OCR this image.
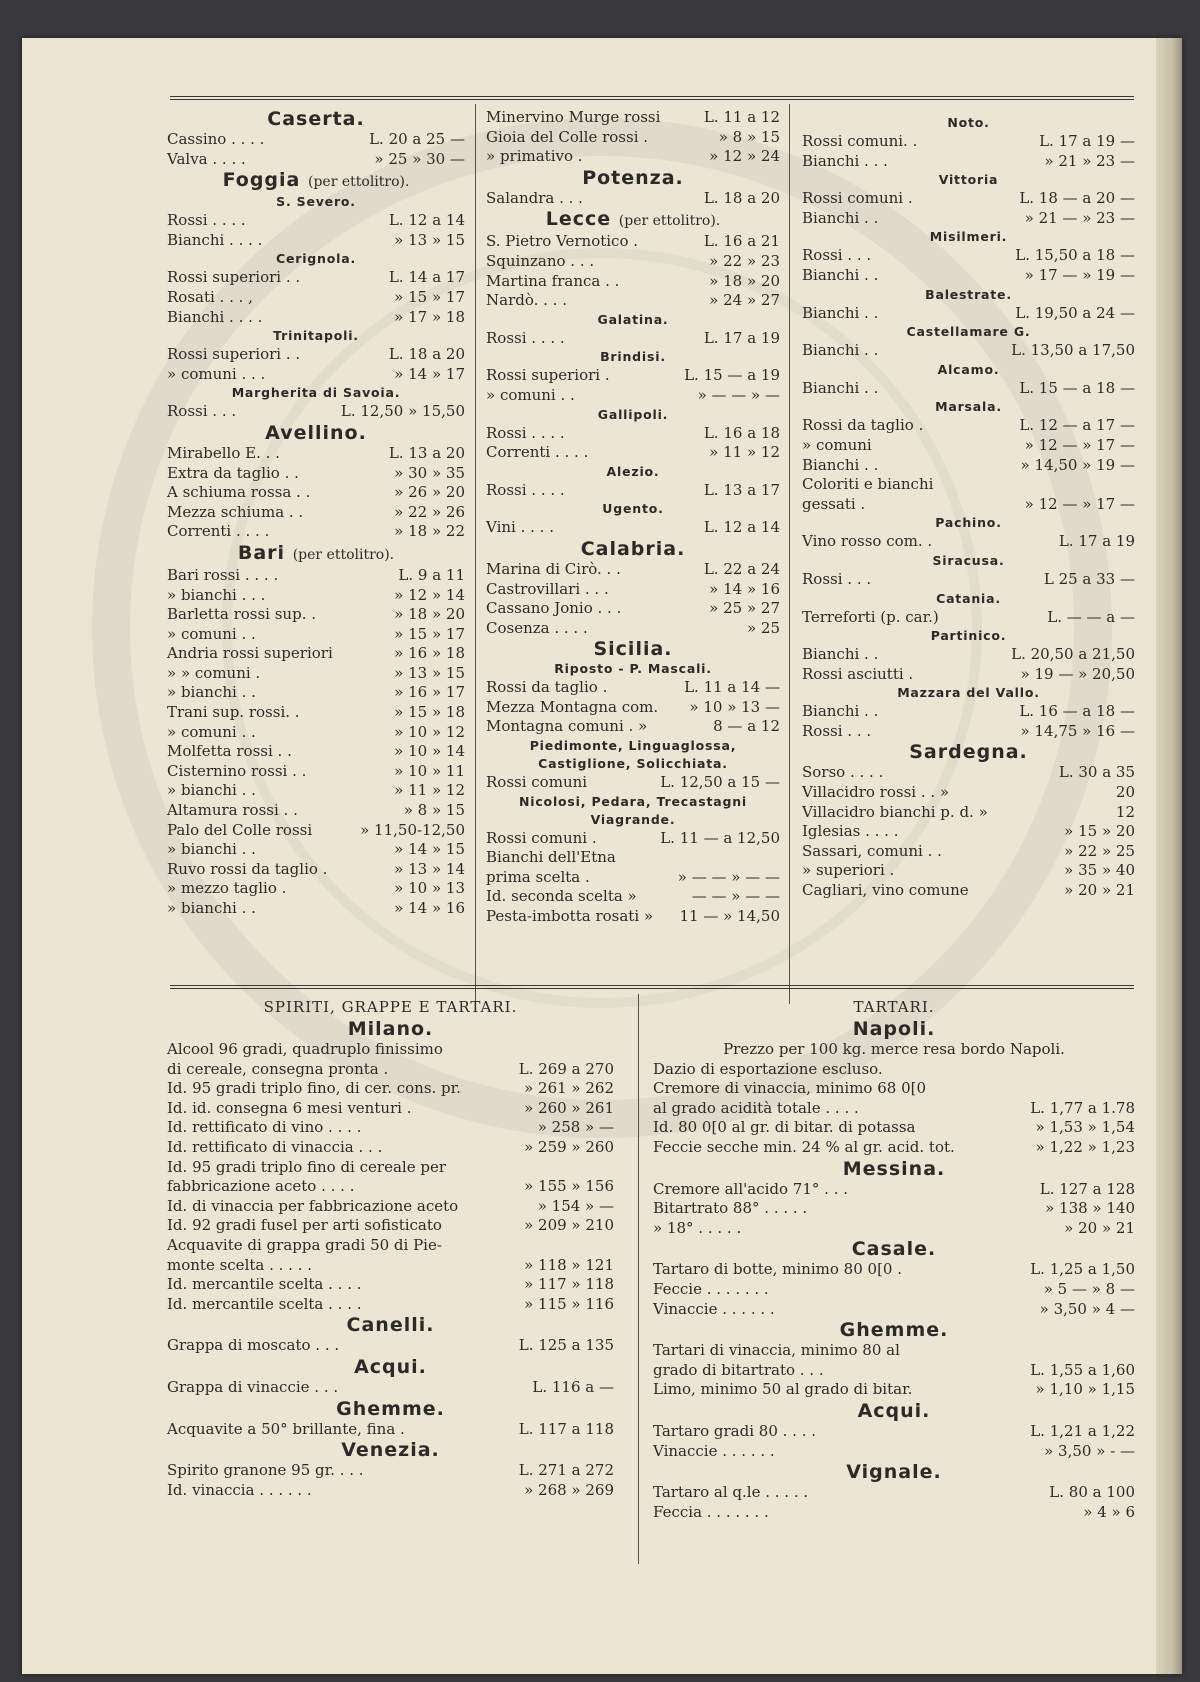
Caserta.
Cassino . . . .	L. 20 a 25 —
Valva . . . .	» 25 » 30 —
Foggia (per ettolitro).
S. Severo.
Rossi . . . .	L. 12 a 14
Bianchi . . . .	» 13 » 15
Cerignola.
Rossi superiori . .	L. 14 a 17
Rosati . . . ,	» 15 » 17
Bianchi . . . .	» 17 » 18
Trinitapoli.
Rossi superiori . .	L. 18 a 20
» comuni . . .	» 14 » 17
Margherita di Savoia.
Rossi . . .	L. 12,50 » 15,50
Avellino.
Mirabello E. . .	L. 13 a 20
Extra da taglio . .	» 30 » 35
A schiuma rossa . .	» 26 » 20
Mezza schiuma . .	» 22 » 26
Correnti . . . .	» 18 » 22
Bari (per ettolitro).
Bari rossi . . . .	L. 9 a 11
» bianchi . . .	» 12 » 14
Barletta rossi sup. .	» 18 » 20
» comuni . .	» 15 » 17
Andria rossi superiori	» 16 » 18
» » comuni .	» 13 » 15
» bianchi . .	» 16 » 17
Trani sup. rossi. .	» 15 » 18
» comuni . .	» 10 » 12
Molfetta rossi . .	» 10 » 14
Cisternino rossi . .	» 10 » 11
» bianchi . .	» 11 » 12
Altamura rossi . .	» 8 » 15
Palo del Colle rossi	» 11,50-12,50
» bianchi . .	» 14 » 15
Ruvo rossi da taglio .	» 13 » 14
» mezzo taglio .	» 10 » 13
» bianchi . .	» 14 » 16
Minervino Murge rossi	L. 11 a 12
Gioia del Colle rossi .	» 8 » 15
» primativo .	» 12 » 24
Potenza.
Salandra . . .	L. 18 a 20
Lecce (per ettolitro).
S. Pietro Vernotico .	L. 16 a 21
Squinzano . . .	» 22 » 23
Martina franca . .	» 18 » 20
Nardò. . . .	» 24 » 27
Galatina.
Rossi . . . .	L. 17 a 19
Brindisi.
Rossi superiori .	L. 15 — a 19
» comuni . .	» — — » —
Gallipoli.
Rossi . . . .	L. 16 a 18
Correnti . . . .	» 11 » 12
Alezio.
Rossi . . . .	L. 13 a 17
Ugento.
Vini . . . .	L. 12 a 14
Calabria.
Marina di Cirò. . .	L. 22 a 24
Castrovillari . . .	» 14 » 16
Cassano Jonio . . .	» 25 » 27
Cosenza . . . .	» 25
Sicilia.
Riposto - P. Mascali.
Rossi da taglio .	L. 11 a 14 —
Mezza Montagna com. » 10 » 13 —
Montagna comuni . »	8 — a 12
Piedimonte, Linguaglossa,
Castiglione, Solicchiata.
Rossi comuni	L. 12,50 a 15 —
Nicolosi, Pedara, Trecastagni
Viagrande.
Rossi comuni .	L. 11 — a 12,50
Bianchi dell'Etna
prima scelta .	» — — » — —
Id. seconda scelta »	— — » — —
Pesta-imbotta rosati » 11 — » 14,50
Noto.
Rossi comuni. .	L. 17 a 19 —
Bianchi . . .	» 21 » 23 —
Vittoria
Rossi comuni .	L. 18 — a 20 —
Bianchi . .	» 21 — » 23 —
Misilmeri.
Rossi . . .	L. 15,50 a 18 —
Bianchi . .	» 17 — » 19 —
Balestrate.
Bianchi . .	L. 19,50 a 24 —
Castellamare G.
Bianchi . .	L. 13,50 a 17,50
Alcamo.
Bianchi . .	L. 15 — a 18 —
Marsala.
Rossi da taglio .	L. 12 — a 17 —
» comuni	» 12 — » 17 —
Bianchi . .	» 14,50 » 19 —
Coloriti e bianchi
gessati .	» 12 — » 17 —
Pachino.
Vino rosso com. .	L. 17 a 19
Siracusa.
Rossi . . .	L 25 a 33 —
Catania.
Terreforti (p. car.)	L. — — a —
Partinico.
Bianchi . .	L. 20,50 a 21,50
Rossi asciutti .	» 19 — » 20,50
Mazzara del Vallo.
Bianchi . .	L. 16 — a 18 —
Rossi . . .	» 14,75 » 16 —
Sardegna.
Sorso . . . .	L. 30 a 35
Villacidro rossi . . »	20
Villacidro bianchi p. d. »	12
Iglesias . . . .	» 15 » 20
Sassari, comuni . .	» 22 » 25
» superiori .	» 35 » 40
Cagliari, vino comune	» 20 » 21
SPIRITI, GRAPPE E TARTARI.
Milano.
Alcool 96 gradi, quadruplo finissimo
di cereale, consegna pronta .	L. 269 a 270
Id. 95 gradi triplo fino, di cer. cons. pr.	» 261 » 262
Id. id. consegna 6 mesi venturi .	» 260 » 261
Id. rettificato di vino . . . .	» 258 » —
Id. rettificato di vinaccia . . .	» 259 » 260
Id. 95 gradi triplo fino di cereale per
fabbricazione aceto . . . .	» 155 » 156
Id. di vinaccia per fabbricazione aceto	» 154 » —
Id. 92 gradi fusel per arti sofisticato	» 209 » 210
Acquavite di grappa gradi 50 di Pie-
monte scelta . . . . .	» 118 » 121
Id. mercantile scelta . . . .	» 117 » 118
Id. mercantile scelta . . . .	» 115 » 116
Canelli.
Grappa di moscato . . .	L. 125 a 135
Acqui.
Grappa di vinaccie . . .	L. 116 a —
Ghemme.
Acquavite a 50° brillante, fina .	L. 117 a 118
Venezia.
Spirito granone 95 gr. . . .	L. 271 a 272
Id. vinaccia . . . . . .	» 268 » 269
TARTARI.
Napoli.
Prezzo per 100 kg. merce resa bordo Napoli.
Dazio di esportazione escluso.
Cremore di vinaccia, minimo 68 0[0
al grado acidità totale . . . .	L. 1,77 a 1.78
Id. 80 0[0 al gr. di bitar. di potassa	» 1,53 » 1,54
Feccie secche min. 24 % al gr. acid. tot.	» 1,22 » 1,23
Messina.
Cremore all'acido 71° . . .	L. 127 a 128
Bitartrato 88° . . . . .	» 138 » 140
» 18° . . . . .	» 20 » 21
Casale.
Tartaro di botte, minimo 80 0[0 .	L. 1,25 a 1,50
Feccie . . . . . . .	» 5 — » 8 —
Vinaccie . . . . . .	» 3,50 » 4 —
Ghemme.
Tartari di vinaccia, minimo 80 al
grado di bitartrato . . .	L. 1,55 a 1,60
Limo, minimo 50 al grado di bitar.	» 1,10 » 1,15
Acqui.
Tartaro gradi 80 . . . .	L. 1,21 a 1,22
Vinaccie . . . . . .	» 3,50 » - —
Vignale.
Tartaro al q.le . . . . .	L. 80 a 100
Feccia . . . . . . .	» 4 » 6
